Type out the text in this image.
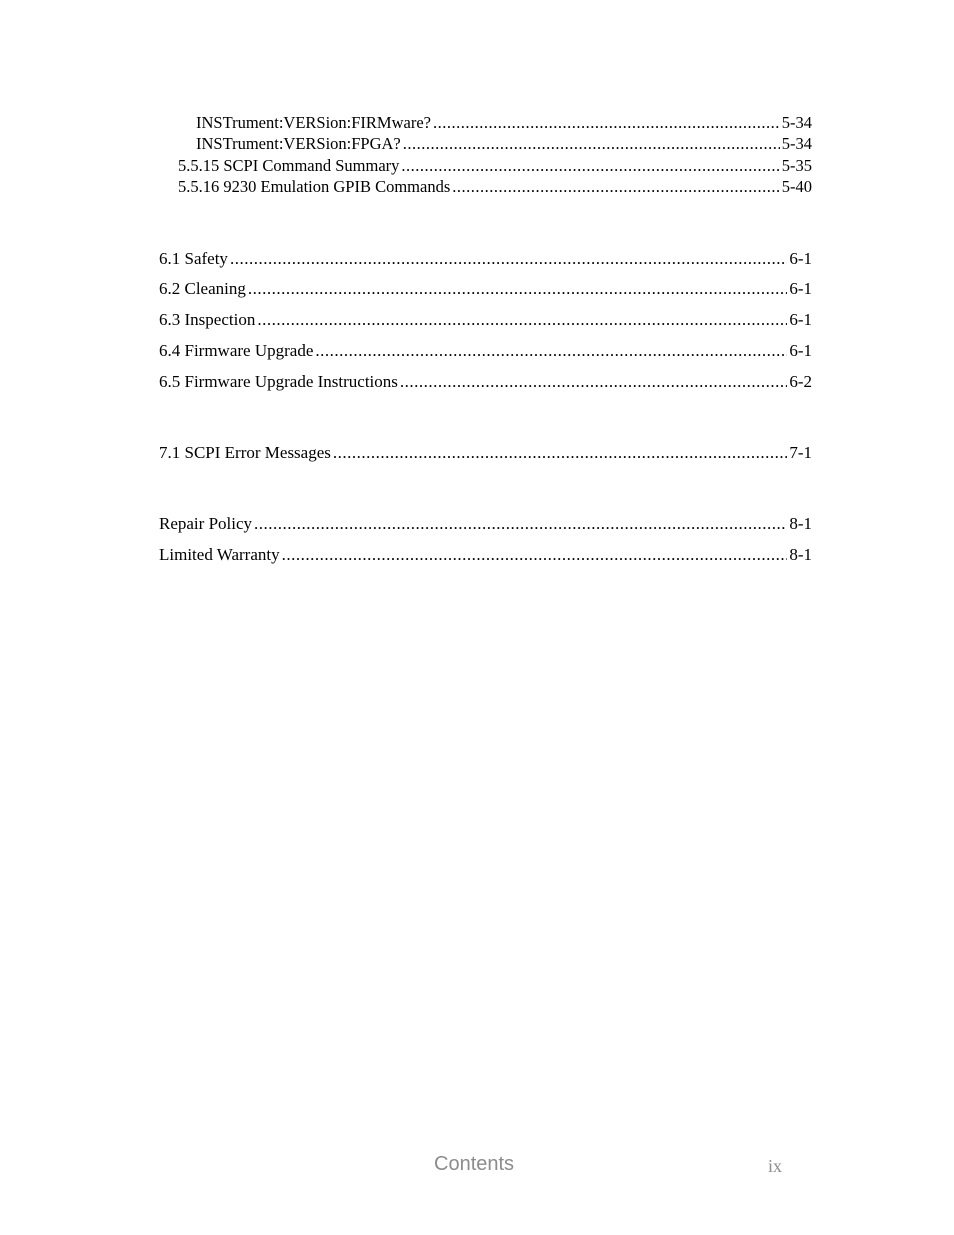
INSTrument:VERSion:FIRMware? .....	5-34
INSTrument:VERSion:FPGA? .....	5-34
5.5.15 SCPI Command Summary .....	5-35
5.5.16 9230 Emulation GPIB Commands .....	5-40
6.1 Safety .....	6-1
6.2 Cleaning .....	6-1
6.3 Inspection .....	6-1
6.4 Firmware Upgrade .....	6-1
6.5 Firmware Upgrade Instructions .....	6-2
7.1 SCPI Error Messages .....	7-1
Repair Policy .....	8-1
Limited Warranty .....	8-1
Contents	ix
